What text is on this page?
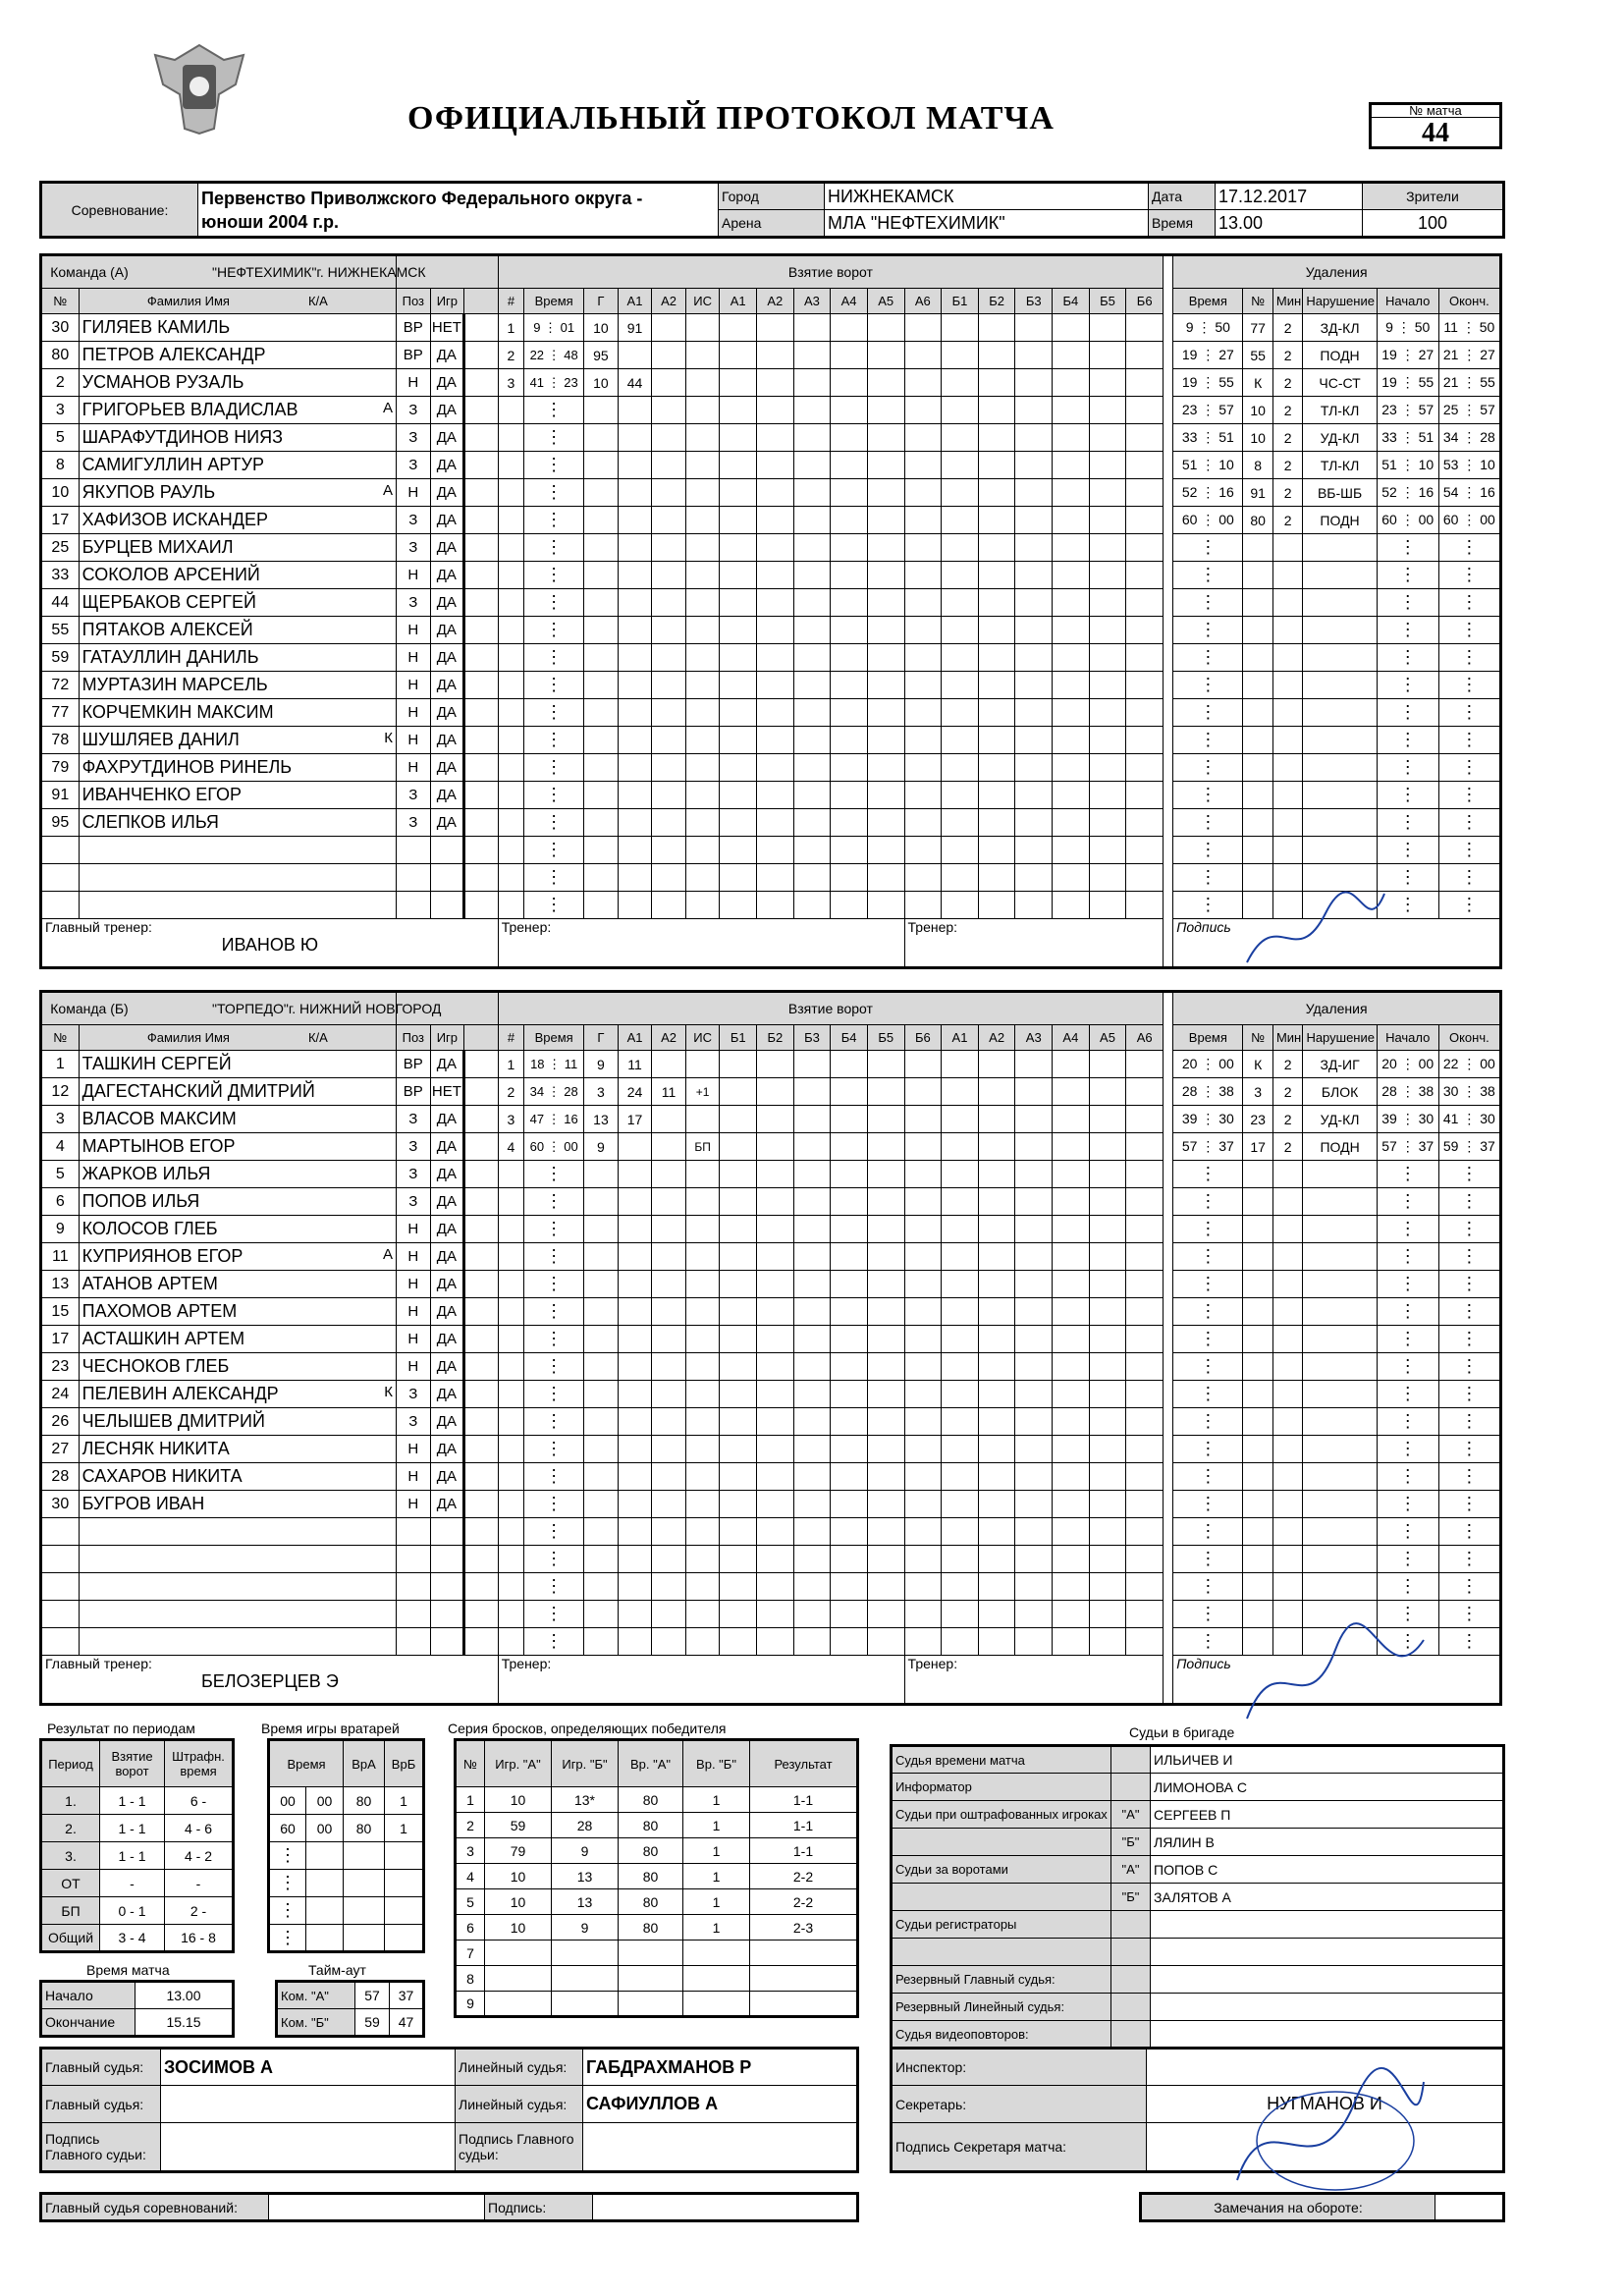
ОФИЦИАЛЬНЫЙ ПРОТОКОЛ МАТЧА	№ матча
44
Соревнование:	Первенство Приволжского Федерального округа -
юноши 2004 г.р.	Город	НИЖНЕКАМСК	Дата	17.12.2017	Зрители
		Арена	МЛА "НЕФТЕХИМИК"	Время	13.00	100
Команда (А) "НЕФТЕХИМИК"г. НИЖНЕКАМСК					Взятие ворот																			Удаления					
№	Фамилия Имя К/А	Поз	Игр		#	Время	Г	А1	А2	ИС	А1	А2	А3	А4	А5	А6	Б1	Б2	Б3	Б4	Б5	Б6		Время	№	Мин	Нарушение	Начало	Оконч.
30	ГИЛЯЕВ КАМИЛЬ	ВР	НЕТ		1	9 ⋮ 01	10	91																9 ⋮ 50	77	2	ЗД-КЛ	9 ⋮ 50	11 ⋮ 50
80	ПЕТРОВ АЛЕКСАНДР	ВР	ДА		2	22 ⋮ 48	95																	19 ⋮ 27	55	2	ПОДН	19 ⋮ 27	21 ⋮ 27
2	УСМАНОВ РУЗАЛЬ	Н	ДА		3	41 ⋮ 23	10	44																19 ⋮ 55	К	2	ЧС-СТ	19 ⋮ 55	21 ⋮ 55
3	ГРИГОРЬЕВ ВЛАДИСЛАВ А	З	ДА			⋮																		23 ⋮ 57	10	2	ТЛ-КЛ	23 ⋮ 57	25 ⋮ 57
5	ШАРАФУТДИНОВ НИЯЗ	З	ДА			⋮																		33 ⋮ 51	10	2	УД-КЛ	33 ⋮ 51	34 ⋮ 28
8	САМИГУЛЛИН АРТУР	З	ДА			⋮																		51 ⋮ 10	8	2	ТЛ-КЛ	51 ⋮ 10	53 ⋮ 10
10	ЯКУПОВ РАУЛЬ А	Н	ДА			⋮																		52 ⋮ 16	91	2	ВБ-ШБ	52 ⋮ 16	54 ⋮ 16
17	ХАФИЗОВ ИСКАНДЕР	З	ДА			⋮																		60 ⋮ 00	80	2	ПОДН	60 ⋮ 00	60 ⋮ 00
25	БУРЦЕВ МИХАИЛ	З	ДА			⋮																		⋮				⋮	⋮
33	СОКОЛОВ АРСЕНИЙ	Н	ДА			⋮																		⋮				⋮	⋮
44	ЩЕРБАКОВ СЕРГЕЙ	З	ДА			⋮																		⋮				⋮	⋮
55	ПЯТАКОВ АЛЕКСЕЙ	Н	ДА			⋮																		⋮				⋮	⋮
59	ГАТАУЛЛИН ДАНИЛЬ	Н	ДА			⋮																		⋮				⋮	⋮
72	МУРТАЗИН МАРСЕЛЬ	Н	ДА			⋮																		⋮				⋮	⋮
77	КОРЧЕМКИН МАКСИМ	Н	ДА			⋮																		⋮				⋮	⋮
78	ШУШЛЯЕВ ДАНИЛ К	Н	ДА			⋮																		⋮				⋮	⋮
79	ФАХРУТДИНОВ РИНЕЛЬ	Н	ДА			⋮																		⋮				⋮	⋮
91	ИВАНЧЕНКО ЕГОР	З	ДА			⋮																		⋮				⋮	⋮
95	СЛЕПКОВ ИЛЬЯ	З	ДА			⋮																		⋮				⋮	⋮

					⋮																		⋮				⋮	⋮

					⋮																		⋮				⋮	⋮

					⋮																		⋮				⋮	⋮

Главный тренер:
ИВАНОВ Ю					Тренер:											Тренер:								Подпись					
Команда (Б) "ТОРПЕДО"г. НИЖНИЙ НОВГОРОД					Взятие ворот																			Удаления					
№	Фамилия Имя К/А	Поз	Игр		#	Время	Г	А1	А2	ИС	Б1	Б2	Б3	Б4	Б5	Б6	А1	А2	А3	А4	А5	А6		Время	№	Мин	Нарушение	Начало	Оконч.
1	ТАШКИН СЕРГЕЙ	ВР	ДА		1	18 ⋮ 11	9	11																20 ⋮ 00	К	2	ЗД-ИГ	20 ⋮ 00	22 ⋮ 00
12	ДАГЕСТАНСКИЙ ДМИТРИЙ	ВР	НЕТ		2	34 ⋮ 28	3	24	11	+1														28 ⋮ 38	3	2	БЛОК	28 ⋮ 38	30 ⋮ 38
3	ВЛАСОВ МАКСИМ	З	ДА		3	47 ⋮ 16	13	17																39 ⋮ 30	23	2	УД-КЛ	39 ⋮ 30	41 ⋮ 30
4	МАРТЫНОВ ЕГОР	З	ДА		4	60 ⋮ 00	9			БП														57 ⋮ 37	17	2	ПОДН	57 ⋮ 37	59 ⋮ 37
5	ЖАРКОВ ИЛЬЯ	З	ДА			⋮																		⋮				⋮	⋮
6	ПОПОВ ИЛЬЯ	З	ДА			⋮																		⋮				⋮	⋮
9	КОЛОСОВ ГЛЕБ	Н	ДА			⋮																		⋮				⋮	⋮
11	КУПРИЯНОВ ЕГОР А	Н	ДА			⋮																		⋮				⋮	⋮
13	АТАНОВ АРТЕМ	Н	ДА			⋮																		⋮				⋮	⋮
15	ПАХОМОВ АРТЕМ	Н	ДА			⋮																		⋮				⋮	⋮
17	АСТАШКИН АРТЕМ	Н	ДА			⋮																		⋮				⋮	⋮
23	ЧЕСНОКОВ ГЛЕБ	Н	ДА			⋮																		⋮				⋮	⋮
24	ПЕЛЕВИН АЛЕКСАНДР К	З	ДА			⋮																		⋮				⋮	⋮
26	ЧЕЛЫШЕВ ДМИТРИЙ	З	ДА			⋮																		⋮				⋮	⋮
27	ЛЕСНЯК НИКИТА	Н	ДА			⋮																		⋮				⋮	⋮
28	САХАРОВ НИКИТА	Н	ДА			⋮																		⋮				⋮	⋮
30	БУГРОВ ИВАН	Н	ДА			⋮																		⋮				⋮	⋮

					⋮																		⋮				⋮	⋮

					⋮																		⋮				⋮	⋮

					⋮																		⋮				⋮	⋮

					⋮																		⋮				⋮	⋮

					⋮																		⋮				⋮	⋮

Главный тренер:
БЕЛОЗЕРЦЕВ Э					Тренер:											Тренер:								Подпись					
Результат по периодам
Период	Взятие ворот	Штрафн. время
1.	1 - 1	6 -
2.	1 - 1	4 - 6
3.	1 - 1	4 - 2
ОТ	-	-
БП	0 - 1	2 -
Общий	3 - 4	16 - 8
Время игры вратарей
Время		ВрА	ВрБ
00	00	80	1
60	00	80	1
⋮			
⋮			
⋮			
⋮			
Серия бросков, определяющих победителя
№	Игр. "А"	Игр. "Б"	Вр. "А"	Вр. "Б"	Результат
1	10	13*	80	1	1-1
2	59	28	80	1	1-1
3	79	9	80	1	1-1
4	10	13	80	1	2-2
5	10	13	80	1	2-2
6	10	9	80	1	2-3
7					
8					
9					
Время матча
Начало	13.00
Окончание	15.15
Тайм-аут
Ком. "А"	57	37
Ком. "Б"	59	47
Судьи в бригаде
Судья времени матча		ИЛЬИЧЕВ И
Информатор		ЛИМОНОВА С
Судьи при оштрафованных игроках	"А"	СЕРГЕЕВ П
	"Б"	ЛЯЛИН В
Судьи за воротами	"А"	ПОПОВ С
	"Б"	ЗАЛЯТОВ А
Судьи регистраторы		

Резервный Главный судья:		
Резервный Линейный судья:		
Судья видеоповторов:		
Главный судья:	ЗОСИМОВ А	Линейный судья:	ГАБДРАХМАНОВ Р
Главный судья:		Линейный судья:	САФИУЛЛОВ А
Подпись Главного судьи:		Подпись Главного судьи:	
Инспектор:	
Секретарь:	НУГМАНОВ И
Подпись Секретаря матча:	
Главный судья соревнований:		Подпись:		Замечания на обороте:	
